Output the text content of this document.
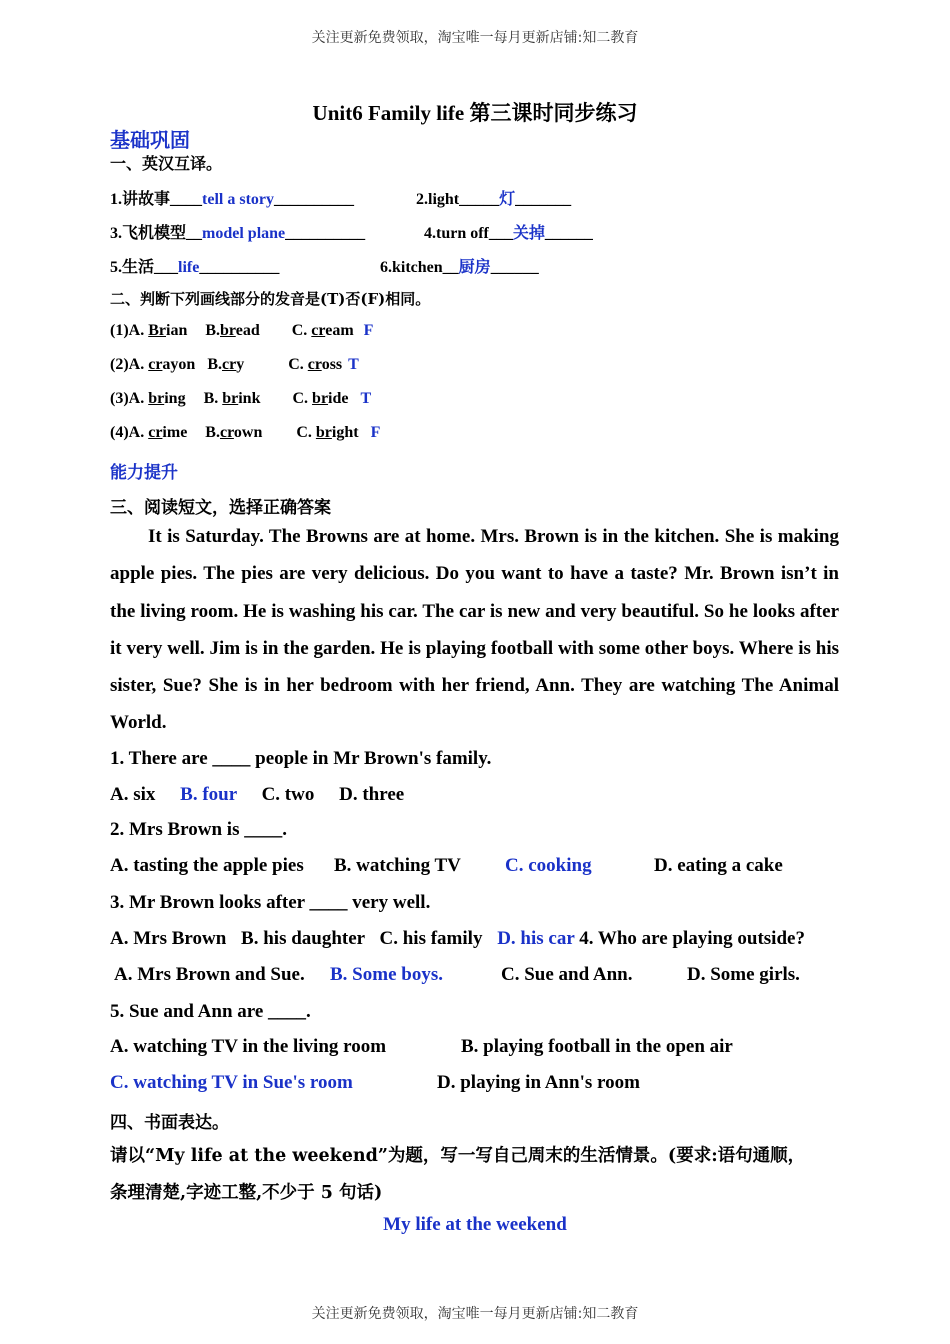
关注更新免费领取，淘宝唯一每月更新店铺:知二教育
Unit6 Family life 第三课时同步练习
基础巩固
一、英汉互译。
1.讲故事____tell a story__________	2.light_____灯_______
3.飞机模型__model plane__________	4.turn off___关掉______
5.生活___life__________	6.kitchen__厨房______
二、判断下列画线部分的发音是(T)否(F)相同。
(1)A. Brian B.bread C. cream F
(2)A. crayon B.cry	C. cross T
(3)A. bring B. brink C. bride T
(4)A. crime B.crown C. bright F
能力提升
三、阅读短文，选择正确答案
It is Saturday. The Browns are at home. Mrs. Brown is in the kitchen. She is making apple pies. The pies are very delicious. Do you want to have a taste? Mr. Brown isn’t in the living room. He is washing his car. The car is new and very beautiful. So he looks after it very well. Jim is in the garden. He is playing football with some other boys. Where is his sister, Sue? She is in her bedroom with her friend, Ann. They are watching The Animal World.
1. There are ____ people in Mr Brown's family.
A. six B. four C. two D. three
2. Mrs Brown is ____.
A. tasting the apple pies B. watching TV C. cooking	D. eating a cake
3. Mr Brown looks after ____ very well.
A. Mrs Brown B. his daughter C. his family D. his car 4. Who are playing outside?
A. Mrs Brown and Sue. B. Some boys.	C. Sue and Ann.	D. Some girls.
5. Sue and Ann are ____.
A. watching TV in the living room	B. playing football in the open air
C. watching TV in Sue's room	D. playing in Ann's room
四、书面表达。
请以“My life at the weekend”为题，写一写自己周末的生活情景。(要求:语句通顺，
条理清楚,字迹工整,不少于 5 句话)
My life at the weekend
关注更新免费领取，淘宝唯一每月更新店铺:知二教育
